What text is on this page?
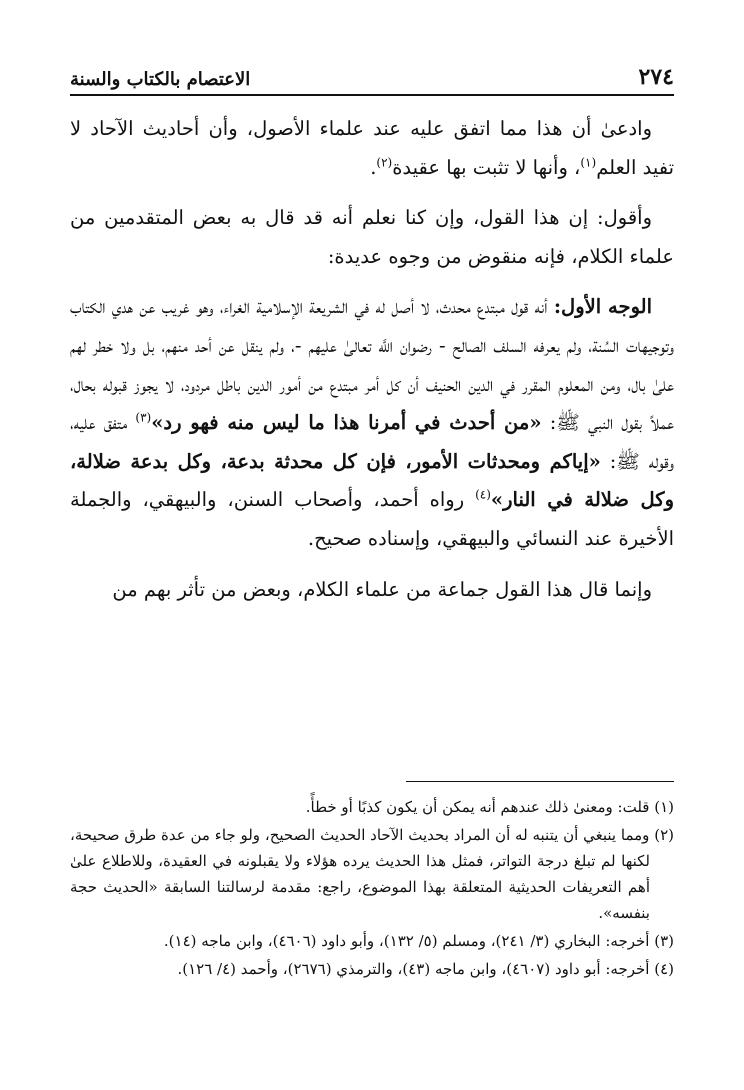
٢٧٤
الاعتصام بالكتاب والسنة

وادعىٰ أن هذا مما اتفق عليه عند علماء الأصول، وأن أحاديث الآحاد لا تفيد العلم$^{(١)}$، وأنها لا تثبت بها عقيدة$^{(٢)}$.

وأقول: إن هذا القول، وإن كنا نعلم أنه قد قال به بعض المتقدمين من علماء الكلام، فإنه منقوض من وجوه عديدة:

الوجه الأول: أنه قول مبتدع محدث، لا أصل له في الشريعة الإسلامية الغراء، وهو غريب عن هدي الكتاب وتوجيهات السُنة، ولم يعرفه السلف الصالح - رضوان اللَّه تعالىٰ عليهم -، ولم ينقل عن أحد منهم، بل ولا خطر لهم علىٰ بال، ومن المعلوم المقرر في الدين الحنيف أن كل أمر مبتدع من أمور الدين باطل مردود، لا يجوز قبوله بحال، عملاً بقول النبي ﷺ: «من أحدث في أمرنا هذا ما ليس منه فهو رد»$^{(٣)}$ متفق عليه، وقوله ﷺ: «إياكم ومحدثات الأمور، فإن كل محدثة بدعة، وكل بدعة ضلالة، وكل ضلالة في النار»$^{(٤)}$ رواه أحمد، وأصحاب السنن، والبيهقي، والجملة الأخيرة عند النسائي والبيهقي، وإسناده صحيح.

وإنما قال هذا القول جماعة من علماء الكلام، وبعض من تأثر بهم من

(١) قلت: ومعنىٰ ذلك عندهم أنه يمكن أن يكون كذبًا أو خطأً.

(٢) ومما ينبغي أن يتنبه له أن المراد بحديث الآحاد الحديث الصحيح، ولو جاء من عدة طرق صحيحة، لكنها لم تبلغ درجة التواتر، فمثل هذا الحديث يرده هؤلاء ولا يقبلونه في العقيدة، وللاطلاع علىٰ أهم التعريفات الحديثية المتعلقة بهذا الموضوع، راجع: مقدمة لرسالتنا السابقة «الحديث حجة بنفسه».

(٣) أخرجه: البخاري (٣/ ٢٤١)، ومسلم (٥/ ١٣٢)، وأبو داود (٤٦٠٦)، وابن ماجه (١٤).

(٤) أخرجه: أبو داود (٤٦٠٧)، وابن ماجه (٤٣)، والترمذي (٢٦٧٦)، وأحمد (٤/ ١٢٦).
